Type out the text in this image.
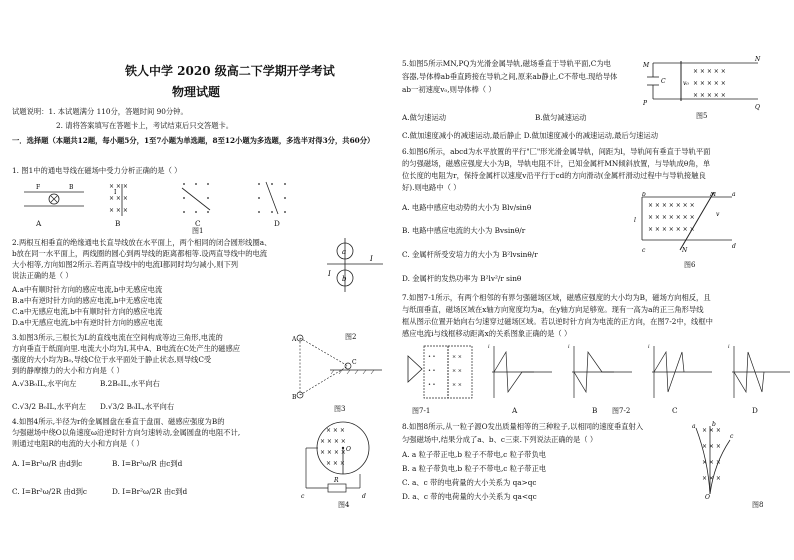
铁人中学 2020 级高二下学期开学考试
物理试题
试题说明：1. 本试题满分 110分，答题时间 90分钟。
2. 请将答案填写在答题卡上，考试结束后只交答题卡。
一．选择题（本题共12题，每小题5分，1至7小题为单选题，8至12小题为多选题，多选半对得3分，共60分）
1. 图1中的通电导线在磁场中受力分析正确的是（ ）
F	B	× × ×
× × ×
× × ×
I
A	B	C	D
图1
2.两根互相垂直的绝缘通电长直导线放在水平面上，两个相同的闭合圆形线圈a、
b放在同一水平面上，两线圈的圆心到两导线的距离都相等.设两直导线中的电流
大小相等,方向如图2所示.若两直导线中的电流I都同时均匀减小,则下列
说法正确的是（ ）
A.a中有顺时针方向的感应电流,b中无感应电流
B.a中有逆时针方向的感应电流,b中无感应电流
C.a中无感应电流,b中有顺时针方向的感应电流
D.a中无感应电流,b中有逆时针方向的感应电流
a
b
I
I
图2
3.如图3所示,三根长为L的直线电流在空间构成等边三角形,电流的
方向垂直于纸面向里.电流大小均为I,其中A、B电流在C处产生的磁感应
强度的大小均为B₀,导线C位于水平面处于静止状态,则导线C受
到的静摩擦力的大小和方向是（ ）
A.√3B₀IL,水平向左	B.2B₀IL,水平向右
C.√3/2 B₀IL,水平向左 D.√3/2 B₀IL,水平向右
A
B
C
图3
4.如图4所示,半径为r的金属圆盘在垂直于盘面、磁感应强度为B的
匀强磁场中绕O以角速度ω沿逆时针方向匀速转动,金属圆盘的电阻不计,
则通过电阻R的电流的大小和方向是（ ）
A. I=Br²ω/R 由d到c	B. I=Br²ω/R 由c到d
C. I=Br²ω/2R 由d到c	D. I=Br²ω/2R 由c到d
× × ×
× × × ×
× × × ×
× × ×
R
c	d
O
图4
5.如图5所示MN,PQ为光滑金属导轨,磁场垂直于导轨平面,C为电
容器,导体棒ab垂直跨接在导轨之间,原来ab静止,C不带电.现给导体
ab一初速度v₀,则导体棒（ ）
× × × × ×
× × × × ×
× × × × ×
M
P
N
Q
C	v₀
图5
A.做匀速运动	B.做匀减速运动
C.做加速度减小的减速运动,最后静止 D.做加速度减小的减速运动,最后匀速运动
6.如图6所示，abcd为水平放置的平行"匚"形光滑金属导轨，间距为l，导轨间有垂直于导轨平面
的匀强磁场，磁感应强度大小为B，导轨电阻不计，已知金属杆MN倾斜放置，与导轨成θ角，单
位长度的电阻为r，保持金属杆以速度v沿平行于cd的方向滑动(金属杆滑动过程中与导轨接触良
好).则电路中（ ）
A. 电路中感应电动势的大小为 Blv/sinθ
B. 电路中感应电流的大小为 Bvsinθ/r
C. 金属杆所受安培力的大小为 B²lvsinθ/r
D. 金属杆的发热功率为 B²lv²/r sinθ
× × × × × × ×
× × × × × × ×
× × × × × × ×
l
a
d
M
N
c
b
v
图6
7.如图7-1所示，有两个相邻的有界匀强磁场区域，磁感应强度的大小均为B，磁场方向相反，且
与纸面垂直，磁场区域在x轴方向宽度均为a，在y轴方向足够宽。现有一高为a的正三角形导线
框从图示位置开始向右匀速穿过磁场区域。若以逆时针方向为电流的正方向，在图7-2中，线框中
感应电流i与线框移动距离x的关系图象正确的是（ ）
• •
• •
• •
× ×
× ×
× ×
i	i	i	i
图7-1	A	B 图7-2	C	D
8.如图8所示,从一粒子源O发出质量相等的三种粒子,以相同的速度垂直射入
匀强磁场中,结果分成了a、b、c三束.下列说法正确的是（ ）
A. a 粒子带正电,b 粒子不带电,c 粒子带负电
B. a 粒子带负电,b 粒子不带电,c 粒子带正电
C. a、c 带的电荷量的大小关系为 qa>qc
D. a、c 带的电荷量的大小关系为 qa<qc
× × ×
× × ×
× × ×
× × ×
a	b
c
O
图8
